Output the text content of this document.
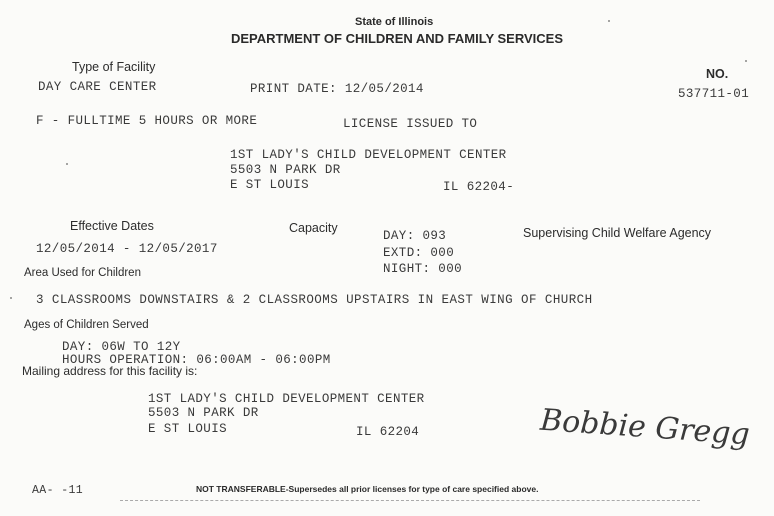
State of Illinois
DEPARTMENT OF CHILDREN AND FAMILY SERVICES
Type of Facility
DAY CARE CENTER	PRINT DATE: 12/05/2014
NO.
537711-01
F - FULLTIME 5 HOURS OR MORE	LICENSE ISSUED TO
1ST LADY'S CHILD DEVELOPMENT CENTER
5503 N PARK DR
E ST LOUIS	IL 62204-
Effective Dates
12/05/2014 - 12/05/2017
Capacity
DAY: 093
EXTD: 000
NIGHT: 000
Supervising Child Welfare Agency
Area Used for Children
3 CLASSROOMS DOWNSTAIRS & 2 CLASSROOMS UPSTAIRS IN EAST WING OF CHURCH
Ages of Children Served
DAY: 06W TO 12Y
HOURS OPERATION: 06:00AM - 06:00PM
Mailing address for this facility is:
1ST LADY'S CHILD DEVELOPMENT CENTER
5503 N PARK DR
E ST LOUIS	IL 62204	Bobbie Gregg
AA- -11	NOT TRANSFERABLE-Supersedes all prior licenses for type of care specified above.
